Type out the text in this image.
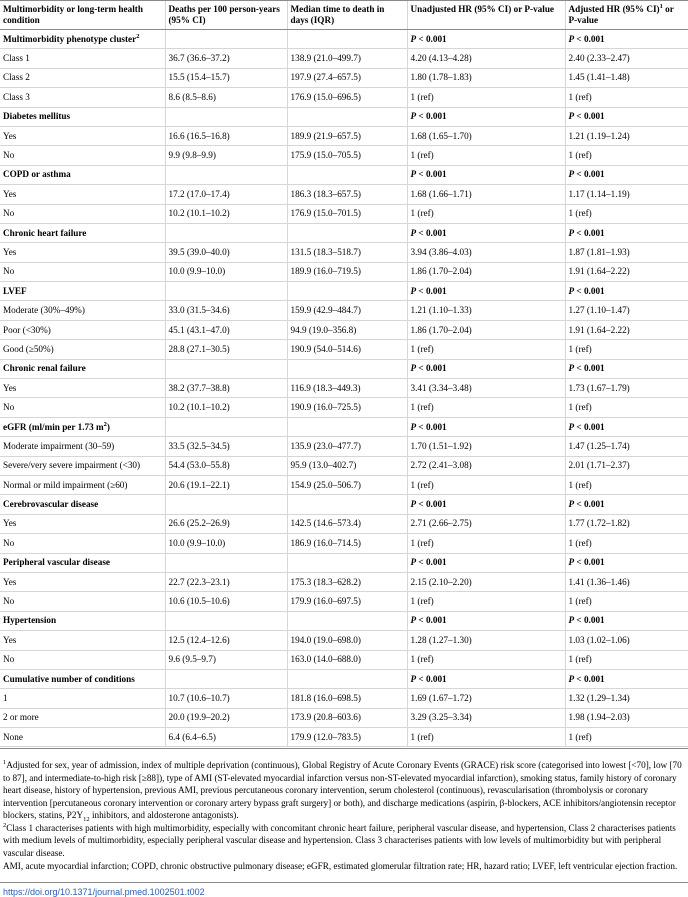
Multimorbidity or long-term health condition	Deaths per 100 person-years (95% CI)	Median time to death in days (IQR)	Unadjusted HR (95% CI) or P-value	Adjusted HR (95% CI)$^1$ or P-value
Multimorbidity phenotype cluster$^2$			P < 0.001	P < 0.001
Class 1	36.7 (36.6–37.2)	138.9 (21.0–499.7)	4.20 (4.13–4.28)	2.40 (2.33–2.47)
Class 2	15.5 (15.4–15.7)	197.9 (27.4–657.5)	1.80 (1.78–1.83)	1.45 (1.41–1.48)
Class 3	8.6 (8.5–8.6)	176.9 (15.0–696.5)	1 (ref)	1 (ref)
Diabetes mellitus			P < 0.001	P < 0.001
Yes	16.6 (16.5–16.8)	189.9 (21.9–657.5)	1.68 (1.65–1.70)	1.21 (1.19–1.24)
No	9.9 (9.8–9.9)	175.9 (15.0–705.5)	1 (ref)	1 (ref)
COPD or asthma			P < 0.001	P < 0.001
Yes	17.2 (17.0–17.4)	186.3 (18.3–657.5)	1.68 (1.66–1.71)	1.17 (1.14–1.19)
No	10.2 (10.1–10.2)	176.9 (15.0–701.5)	1 (ref)	1 (ref)
Chronic heart failure			P < 0.001	P < 0.001
Yes	39.5 (39.0–40.0)	131.5 (18.3–518.7)	3.94 (3.86–4.03)	1.87 (1.81–1.93)
No	10.0 (9.9–10.0)	189.9 (16.0–719.5)	1.86 (1.70–2.04)	1.91 (1.64–2.22)
LVEF			P < 0.001	P < 0.001
Moderate (30%–49%)	33.0 (31.5–34.6)	159.9 (42.9–484.7)	1.21 (1.10–1.33)	1.27 (1.10–1.47)
Poor (<30%)	45.1 (43.1–47.0)	94.9 (19.0–356.8)	1.86 (1.70–2.04)	1.91 (1.64–2.22)
Good (≥50%)	28.8 (27.1–30.5)	190.9 (54.0–514.6)	1 (ref)	1 (ref)
Chronic renal failure			P < 0.001	P < 0.001
Yes	38.2 (37.7–38.8)	116.9 (18.3–449.3)	3.41 (3.34–3.48)	1.73 (1.67–1.79)
No	10.2 (10.1–10.2)	190.9 (16.0–725.5)	1 (ref)	1 (ref)
eGFR (ml/min per 1.73 $m^2$)			P < 0.001	P < 0.001
Moderate impairment (30–59)	33.5 (32.5–34.5)	135.9 (23.0–477.7)	1.70 (1.51–1.92)	1.47 (1.25–1.74)
Severe/very severe impairment (<30)	54.4 (53.0–55.8)	95.9 (13.0–402.7)	2.72 (2.41–3.08)	2.01 (1.71–2.37)
Normal or mild impairment (≥60)	20.6 (19.1–22.1)	154.9 (25.0–506.7)	1 (ref)	1 (ref)
Cerebrovascular disease			P < 0.001	P < 0.001
Yes	26.6 (25.2–26.9)	142.5 (14.6–573.4)	2.71 (2.66–2.75)	1.77 (1.72–1.82)
No	10.0 (9.9–10.0)	186.9 (16.0–714.5)	1 (ref)	1 (ref)
Peripheral vascular disease			P < 0.001	P < 0.001
Yes	22.7 (22.3–23.1)	175.3 (18.3–628.2)	2.15 (2.10–2.20)	1.41 (1.36–1.46)
No	10.6 (10.5–10.6)	179.9 (16.0–697.5)	1 (ref)	1 (ref)
Hypertension			P < 0.001	P < 0.001
Yes	12.5 (12.4–12.6)	194.0 (19.0–698.0)	1.28 (1.27–1.30)	1.03 (1.02–1.06)
No	9.6 (9.5–9.7)	163.0 (14.0–688.0)	1 (ref)	1 (ref)
Cumulative number of conditions			P < 0.001	P < 0.001
1	10.7 (10.6–10.7)	181.8 (16.0–698.5)	1.69 (1.67–1.72)	1.32 (1.29–1.34)
2 or more	20.0 (19.9–20.2)	173.9 (20.8–603.6)	3.29 (3.25–3.34)	1.98 (1.94–2.03)
None	6.4 (6.4–6.5)	179.9 (12.0–783.5)	1 (ref)	1 (ref)

$^1$Adjusted for sex, year of admission, index of multiple deprivation (continuous), Global Registry of Acute Coronary Events (GRACE) risk score (categorised into lowest [<70], low [70 to 87], and intermediate-to-high risk [≥88]), type of AMI (ST-elevated myocardial infarction versus non-ST-elevated myocardial infarction), smoking status, family history of coronary heart disease, history of hypertension, previous AMI, previous percutaneous coronary intervention, serum cholesterol (continuous), revascularisation (thrombolysis or coronary intervention [percutaneous coronary intervention or coronary artery bypass graft surgery] or both), and discharge medications (aspirin, β-blockers, ACE inhibitors/angiotensin receptor blockers, statins, $P2Y_{12}$ inhibitors, and aldosterone antagonists).

$^2$Class 1 characterises patients with high multimorbidity, especially with concomitant chronic heart failure, peripheral vascular disease, and hypertension, Class 2 characterises patients with medium levels of multimorbidity, especially peripheral vascular disease and hypertension. Class 3 characterises patients with low levels of multimorbidity but with peripheral vascular disease.

AMI, acute myocardial infarction; COPD, chronic obstructive pulmonary disease; eGFR, estimated glomerular filtration rate; HR, hazard ratio; LVEF, left ventricular ejection fraction.

https://doi.org/10.1371/journal.pmed.1002501.t002
